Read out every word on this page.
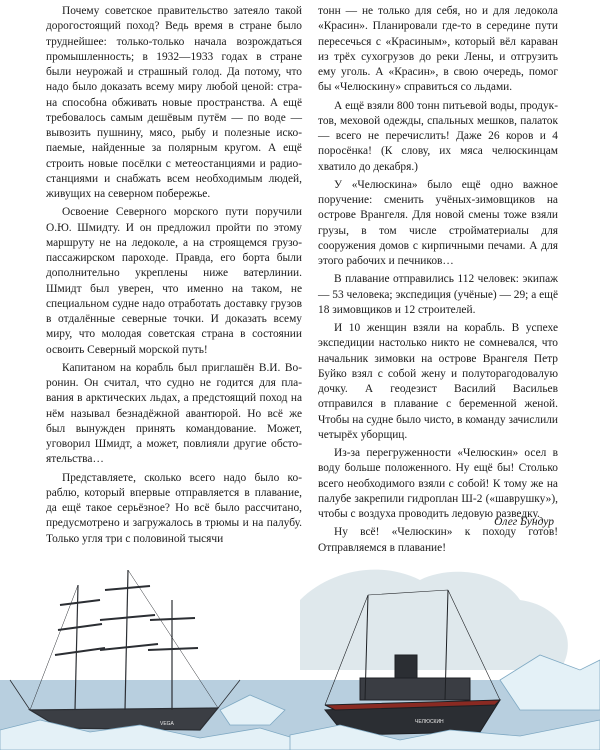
Почему советское правительство затеяло такой дорогостоящий поход? Ведь время в стране было труднейшее: только-только начала возрождаться промышленность; в 1932—1933 годах в стране были неурожай и страшный голод. Да потому, что надо было доказать всему миру любой ценой: страна способна обживать новые пространства. А ещё требовалось самым дешёвым путём — по воде — вывозить пушнину, мясо, рыбу и полезные ископаемые, найденные за полярным кругом. А ещё строить новые посёлки с метеостанциями и радиостанциями и снабжать всем необходимым людей, живущих на северном побережье.

Освоение Северного морского пути поручили О.Ю. Шмидту. И он предложил пройти по этому маршруту не на ледоколе, а на строящемся грузопассажирском пароходе. Правда, его борта были дополнительно укреплены ниже ватерлинии. Шмидт был уверен, что именно на таком, не специальном судне надо отработать доставку грузов в отдалённые северные точки. И доказать всему миру, что молодая советская страна в состоянии освоить Северный морской путь!

Капитаном на корабль был приглашён В.И. Воронин. Он считал, что судно не годится для плавания в арктических льдах, а предстоящий поход на нём называл безнадёжной авантюрой. Но всё же был вынужден принять командование. Может, уговорил Шмидт, а может, повлияли другие обстоятельства…

Представляете, сколько всего надо было кораблю, который впервые отправляется в плавание, да ещё такое серьёзное? Но всё было рассчитано, предусмотрено и загружалось в трюмы и на палубу. Только угля три с половиной тысячи

тонн — не только для себя, но и для ледокола «Красин». Планировали где-то в середине пути пересечься с «Красиным», который вёл караван из трёх сухогрузов до реки Лены, и отгрузить ему уголь. А «Красин», в свою очередь, помог бы «Челюскину» справиться со льдами.

А ещё взяли 800 тонн питьевой воды, продуктов, меховой одежды, спальных мешков, палаток — всего не перечислить! Даже 26 коров и 4 поросёнка! (К слову, их мяса челюскинцам хватило до декабря.)

У «Челюскина» было ещё одно важное поручение: сменить учёных-зимовщиков на острове Врангеля. Для новой смены тоже взяли грузы, в том числе стройматериалы для сооружения домов с кирпичными печами. А для этого рабочих и печников…

В плавание отправились 112 человек: экипаж — 53 человека; экспедиция (учёные) — 29; а ещё 18 зимовщиков и 12 строителей.

И 10 женщин взяли на корабль. В успехе экспедиции настолько никто не сомневался, что начальник зимовки на острове Врангеля Петр Буйко взял с собой жену и полуторагодовалую дочку. А геодезист Василий Васильев отправился в плавание с беременной женой. Чтобы на судне было чисто, в команду зачислили четырёх уборщиц.

Из-за перегруженности «Челюскин» осел в воду больше положенного. Ну ещё бы! Столько всего необходимого взяли с собой! К тому же на палубе закрепили гидроплан Ш-2 («шаврушку»), чтобы с воздуха проводить ледовую разведку.

Ну всё! «Челюскин» к походу готов! Отправляемся в плавание!

Олег Бундур
VEGA	ЧЕЛЮСКИН
